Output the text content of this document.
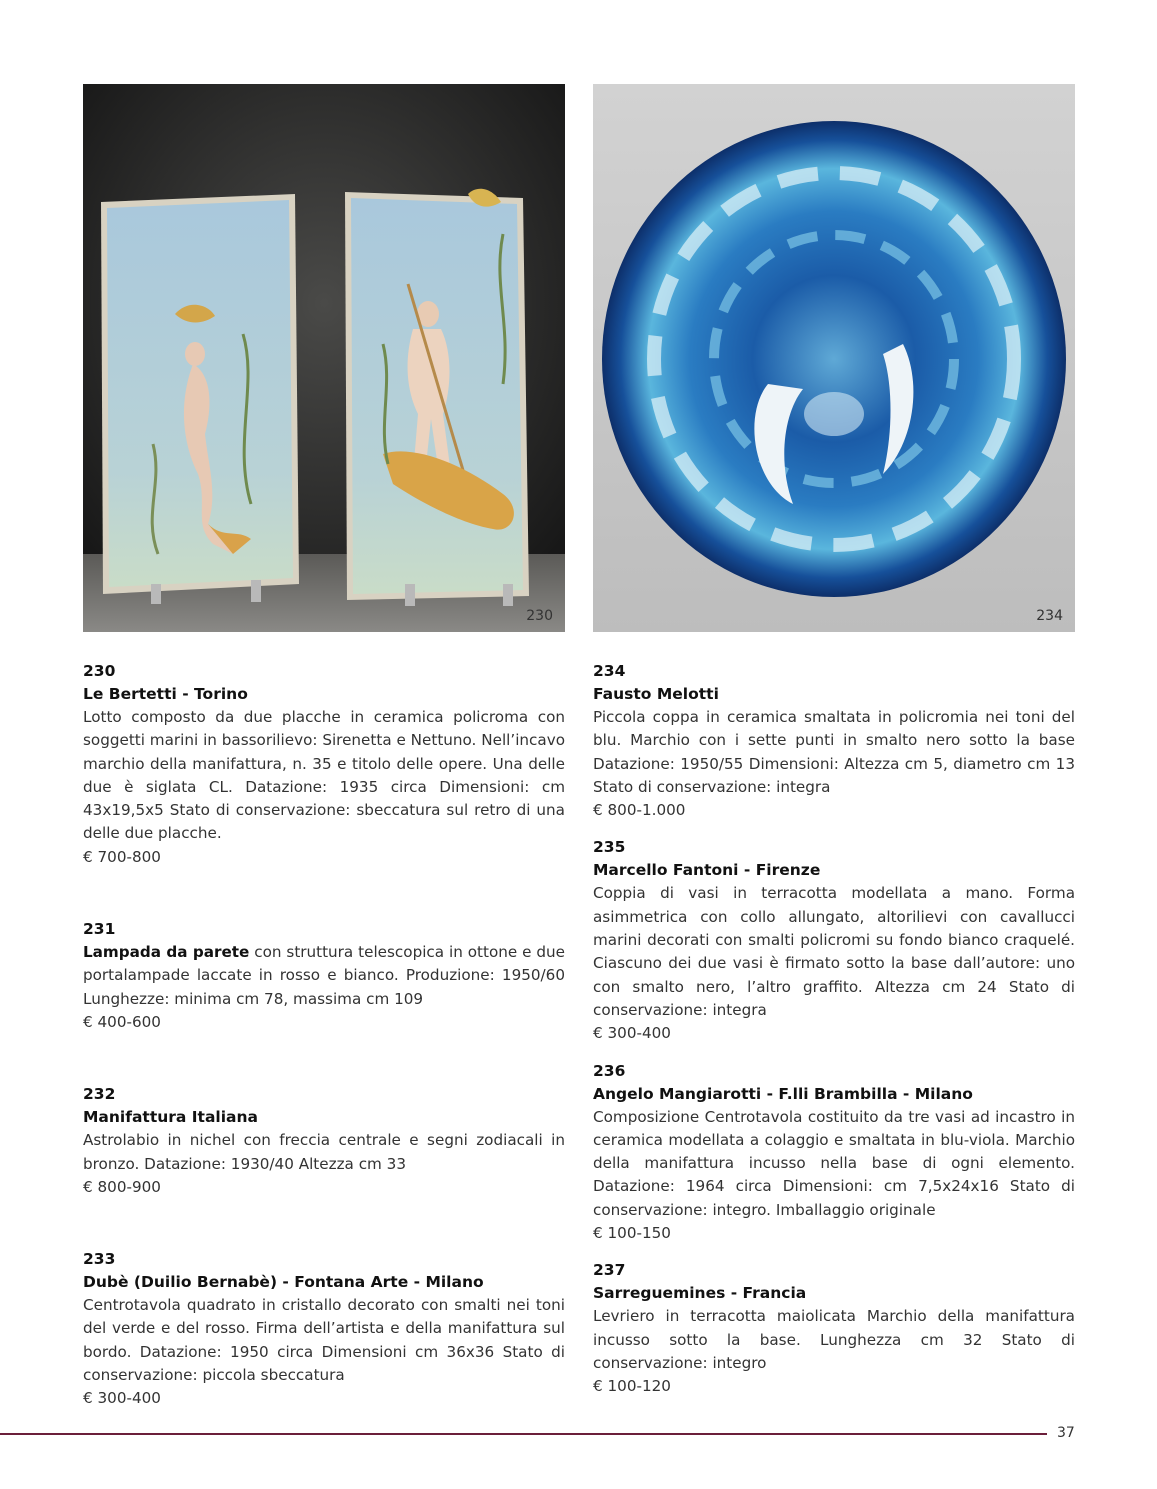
230	234
230
Le Bertetti - Torino
Lotto composto da due placche in ceramica policroma con soggetti marini in bassorilievo: Sirenetta e Nettuno. Nell’incavo marchio della manifattura, n. 35 e titolo delle opere. Una delle due è siglata CL. Datazione: 1935 circa Dimensioni: cm 43x19,5x5 Stato di conservazione: sbeccatura sul retro di una delle due placche.
€ 700-800
231
Lampada da parete con struttura telescopica in ottone e due portalampade laccate in rosso e bianco. Produzione: 1950/60 Lunghezze: minima cm 78, massima cm 109
€ 400-600
232
Manifattura Italiana
Astrolabio in nichel con freccia centrale e segni zodiacali in bronzo. Datazione: 1930/40 Altezza cm 33
€ 800-900
233
Dubè (Duilio Bernabè) - Fontana Arte - Milano
Centrotavola quadrato in cristallo decorato con smalti nei toni del verde e del rosso. Firma dell’artista e della manifattura sul bordo. Datazione: 1950 circa Dimensioni cm 36x36 Stato di conservazione: piccola sbeccatura
€ 300-400
234
Fausto Melotti
Piccola coppa in ceramica smaltata in policromia nei toni del blu. Marchio con i sette punti in smalto nero sotto la base Datazione: 1950/55 Dimensioni: Altezza cm 5, diametro cm 13 Stato di conservazione: integra
€ 800-1.000
235
Marcello Fantoni - Firenze
Coppia di vasi in terracotta modellata a mano. Forma asimmetrica con collo allungato, altorilievi con cavallucci marini decorati con smalti policromi su fondo bianco craquelé. Ciascuno dei due vasi è firmato sotto la base dall’autore: uno con smalto nero, l’altro graffito. Altezza cm 24 Stato di conservazione: integra
€ 300-400
236
Angelo Mangiarotti - F.lli Brambilla - Milano
Composizione Centrotavola costituito da tre vasi ad incastro in ceramica modellata a colaggio e smaltata in blu-viola. Marchio della manifattura incusso nella base di ogni elemento. Datazione: 1964 circa Dimensioni: cm 7,5x24x16 Stato di conservazione: integro. Imballaggio originale
€ 100-150
237
Sarreguemines - Francia
Levriero in terracotta maiolicata Marchio della manifattura incusso sotto la base. Lunghezza cm 32 Stato di conservazione: integro
€ 100-120
37
